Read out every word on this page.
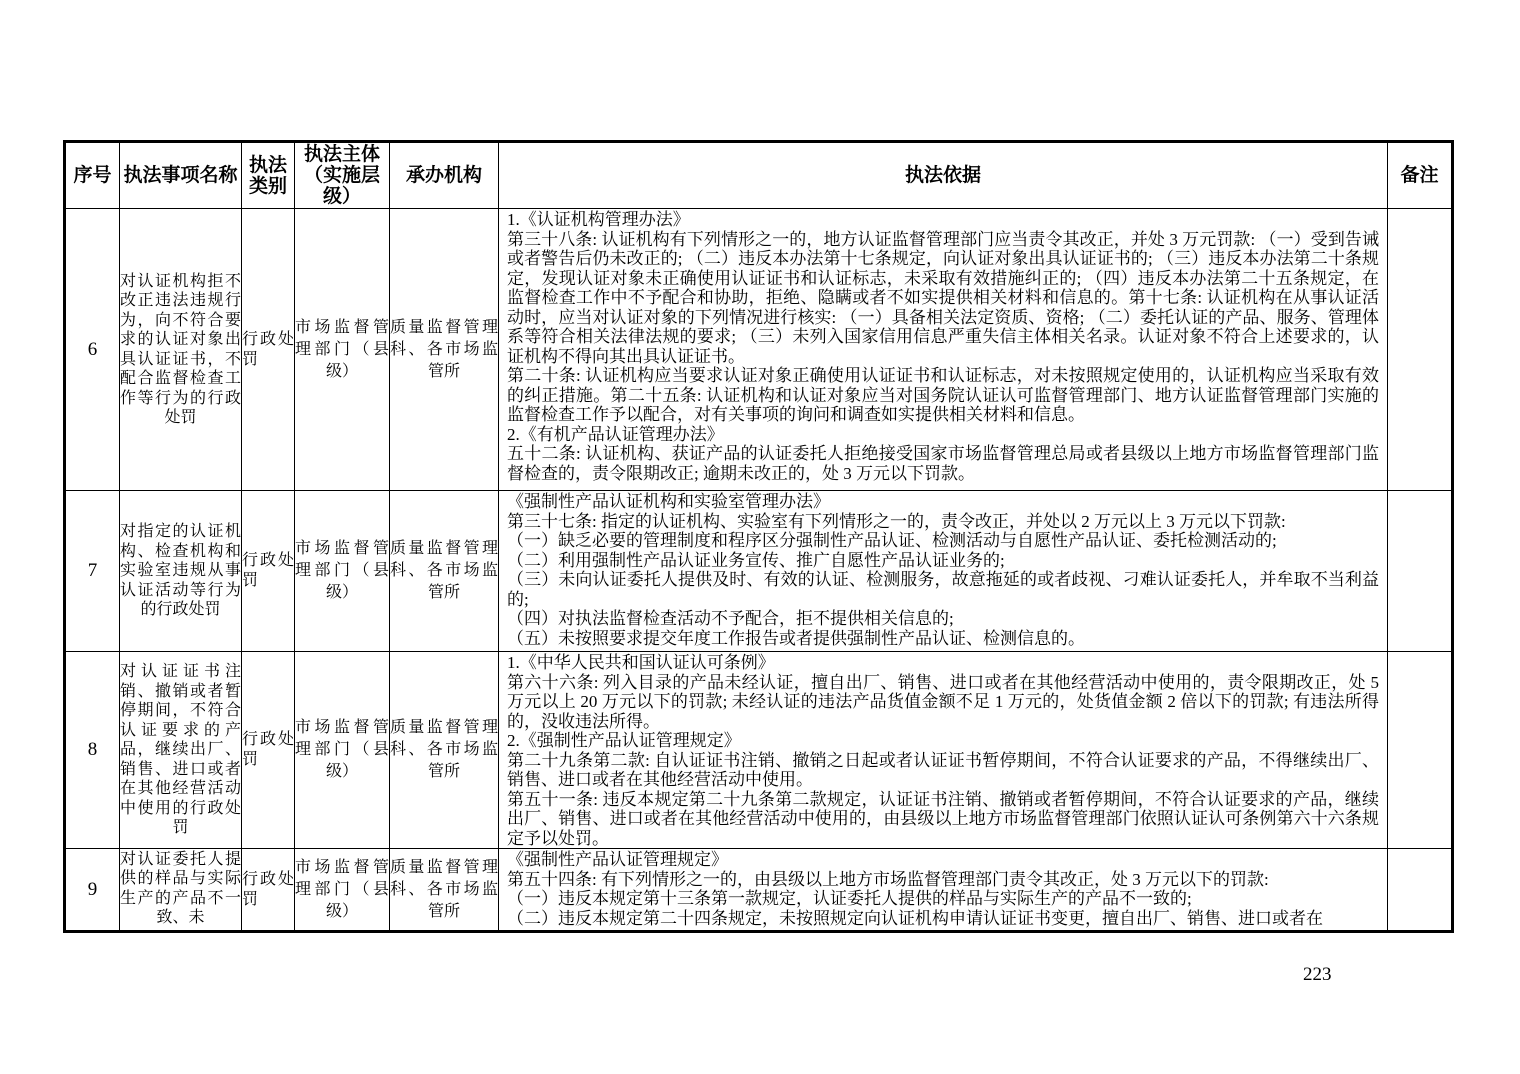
序号	执法事项名称	执法类别	执法主体（实施层级）	承办机构	执法依据	备注
6	对认证机构拒不改正违法违规行为，向不符合要求的认证对象出具认证证书，不配合监督检查工作等行为的行政处罚	行政处罚	市场监督管理部门（县级）	质量监督管理科、各市场监管所	1.《认证机构管理办法》

第三十八条: 认证机构有下列情形之一的，地方认证监督管理部门应当责令其改正，并处 3 万元罚款: （一）受到告诫或者警告后仍未改正的; （二）违反本办法第十七条规定，向认证对象出具认证证书的; （三）违反本办法第二十条规定，发现认证对象未正确使用认证证书和认证标志，未采取有效措施纠正的; （四）违反本办法第二十五条规定，在监督检查工作中不予配合和协助，拒绝、隐瞒或者不如实提供相关材料和信息的。第十七条: 认证机构在从事认证活动时，应当对认证对象的下列情况进行核实: （一）具备相关法定资质、资格; （二）委托认证的产品、服务、管理体系等符合相关法律法规的要求; （三）未列入国家信用信息严重失信主体相关名录。认证对象不符合上述要求的，认证机构不得向其出具认证证书。

第二十条: 认证机构应当要求认证对象正确使用认证证书和认证标志，对未按照规定使用的，认证机构应当采取有效的纠正措施。第二十五条: 认证机构和认证对象应当对国务院认证认可监督管理部门、地方认证监督管理部门实施的监督检查工作予以配合，对有关事项的询问和调查如实提供相关材料和信息。

2.《有机产品认证管理办法》

五十二条: 认证机构、获证产品的认证委托人拒绝接受国家市场监督管理总局或者县级以上地方市场监督管理部门监督检查的，责令限期改正; 逾期未改正的，处 3 万元以下罚款。	

7	对指定的认证机构、检查机构和实验室违规从事认证活动等行为的行政处罚	行政处罚	市场监督管理部门（县级）	质量监督管理科、各市场监管所	

《强制性产品认证机构和实验室管理办法》

第三十七条: 指定的认证机构、实验室有下列情形之一的，责令改正，并处以 2 万元以上 3 万元以下罚款:

（一）缺乏必要的管理制度和程序区分强制性产品认证、检测活动与自愿性产品认证、委托检测活动的;

（二）利用强制性产品认证业务宣传、推广自愿性产品认证业务的;

（三）未向认证委托人提供及时、有效的认证、检测服务，故意拖延的或者歧视、刁难认证委托人，并牟取不当利益的;

（四）对执法监督检查活动不予配合，拒不提供相关信息的;

（五）未按照要求提交年度工作报告或者提供强制性产品认证、检测信息的。

8	对认证证书注销、撤销或者暂停期间，不符合认证要求的产品，继续出厂、销售、进口或者在其他经营活动中使用的行政处罚	行政处罚	市场监督管理部门（县级）	质量监督管理科、各市场监管所	1.《中华人民共和国认证认可条例》

第六十六条: 列入目录的产品未经认证，擅自出厂、销售、进口或者在其他经营活动中使用的，责令限期改正，处 5 万元以上 20 万元以下的罚款; 未经认证的违法产品货值金额不足 1 万元的，处货值金额 2 倍以下的罚款; 有违法所得的，没收违法所得。

2.《强制性产品认证管理规定》

第二十九条第二款: 自认证证书注销、撤销之日起或者认证证书暂停期间，不符合认证要求的产品，不得继续出厂、销售、进口或者在其他经营活动中使用。

第五十一条: 违反本规定第二十九条第二款规定，认证证书注销、撤销或者暂停期间，不符合认证要求的产品，继续出厂、销售、进口或者在其他经营活动中使用的，由县级以上地方市场监督管理部门依照认证认可条例第六十六条规定予以处罚。	

9	对认证委托人提供的样品与实际生产的产品不一致、未	行政处罚	市场监督管理部门（县级）	质量监督管理科、各市场监管所	《强制性产品认证管理规定》

第五十四条: 有下列情形之一的，由县级以上地方市场监督管理部门责令其改正，处 3 万元以下的罚款:

（一）违反本规定第十三条第一款规定，认证委托人提供的样品与实际生产的产品不一致的;

（二）违反本规定第二十四条规定，未按照规定向认证机构申请认证证书变更，擅自出厂、销售、进口或者在	

223
